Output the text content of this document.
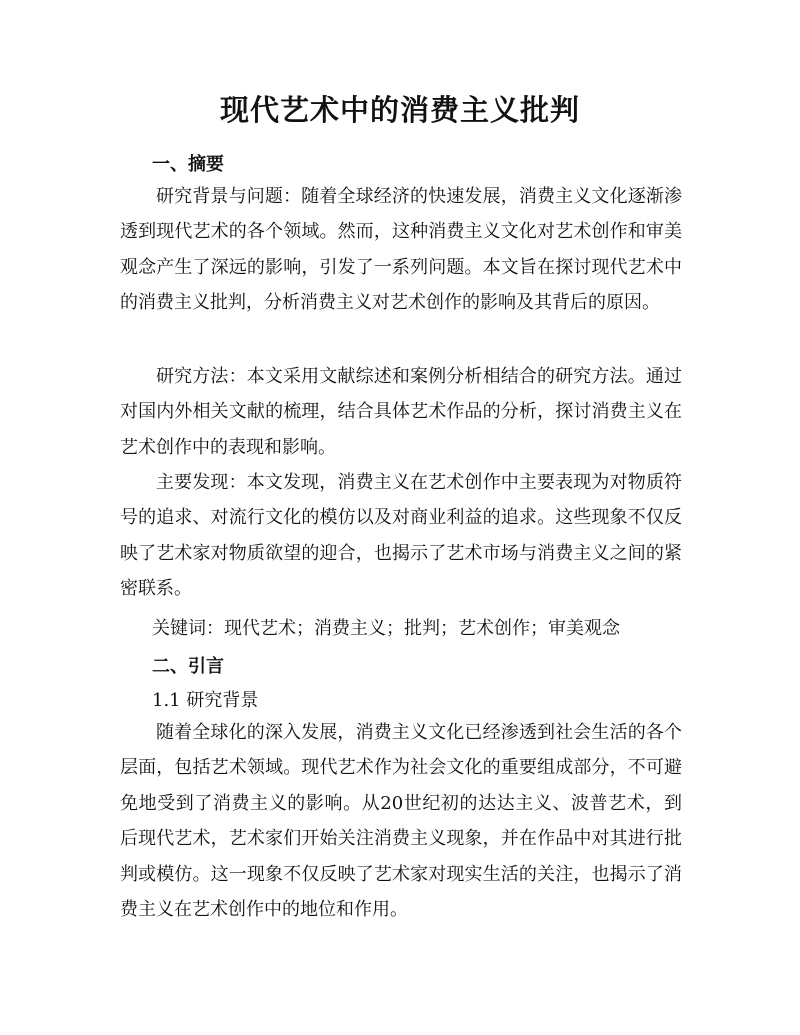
现代艺术中的消费主义批判
一、摘要

研究背景与问题：随着全球经济的快速发展，消费主义文化逐渐渗透到现代艺术的各个领域。然而，这种消费主义文化对艺术创作和审美观念产生了深远的影响，引发了一系列问题。本文旨在探讨现代艺术中的消费主义批判，分析消费主义对艺术创作的影响及其背后的原因。

研究方法：本文采用文献综述和案例分析相结合的研究方法。通过对国内外相关文献的梳理，结合具体艺术作品的分析，探讨消费主义在艺术创作中的表现和影响。

主要发现：本文发现，消费主义在艺术创作中主要表现为对物质符号的追求、对流行文化的模仿以及对商业利益的追求。这些现象不仅反映了艺术家对物质欲望的迎合，也揭示了艺术市场与消费主义之间的紧密联系。

关键词：现代艺术；消费主义；批判；艺术创作；审美观念
二、引言
1.1 研究背景

随着全球化的深入发展，消费主义文化已经渗透到社会生活的各个层面，包括艺术领域。现代艺术作为社会文化的重要组成部分，不可避免地受到了消费主义的影响。从20世纪初的达达主义、波普艺术，到后现代艺术，艺术家们开始关注消费主义现象，并在作品中对其进行批判或模仿。这一现象不仅反映了艺术家对现实生活的关注，也揭示了消费主义在艺术创作中的地位和作用。
